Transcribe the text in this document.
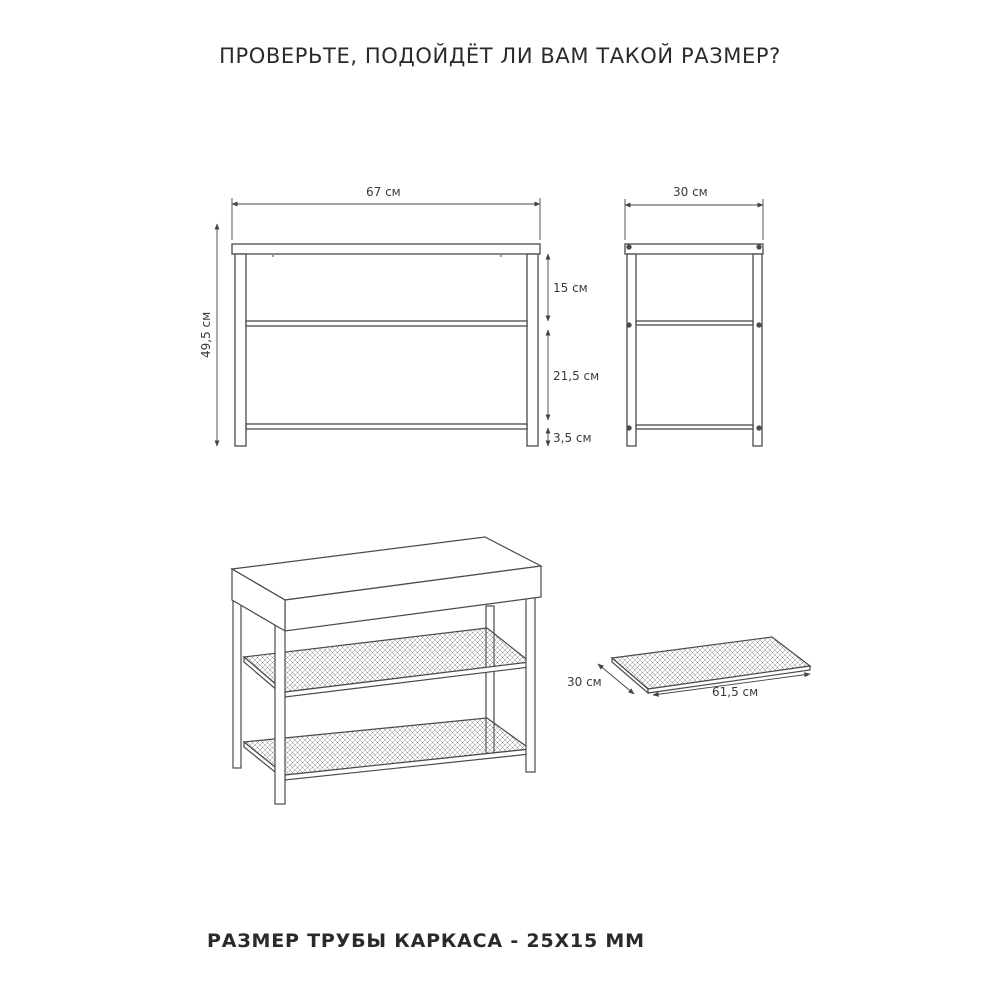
ПРОВЕРЬТЕ, ПОДОЙДЁТ ЛИ ВАМ ТАКОЙ РАЗМЕР?
67 см
49,5 см
15 см
21,5 см
3,5 см
30 см
30 см
61,5 см
РАЗМЕР ТРУБЫ КАРКАСА - 25Х15 ММ
